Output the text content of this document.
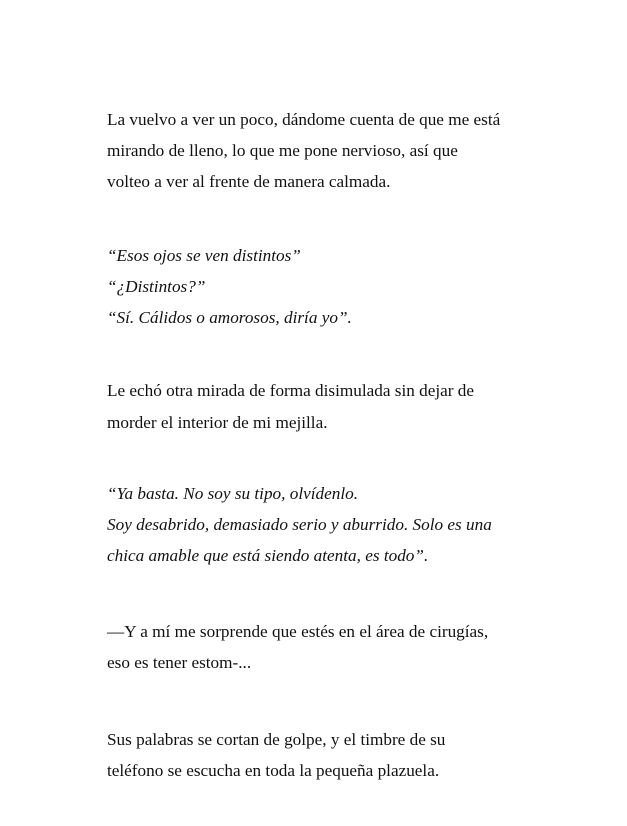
La vuelvo a ver un poco, dándome cuenta de que me está
mirando de lleno, lo que me pone nervioso, así que
volteo a ver al frente de manera calmada.
“Esos ojos se ven distintos”
“¿Distintos?”
“Sí. Cálidos o amorosos, diría yo”.
Le echó otra mirada de forma disimulada sin dejar de
morder el interior de mi mejilla.
“Ya basta. No soy su tipo, olvídenlo.
Soy desabrido, demasiado serio y aburrido. Solo es una
chica amable que está siendo atenta, es todo”.
—Y a mí me sorprende que estés en el área de cirugías,
eso es tener estom-...
Sus palabras se cortan de golpe, y el timbre de su
teléfono se escucha en toda la pequeña plazuela.
